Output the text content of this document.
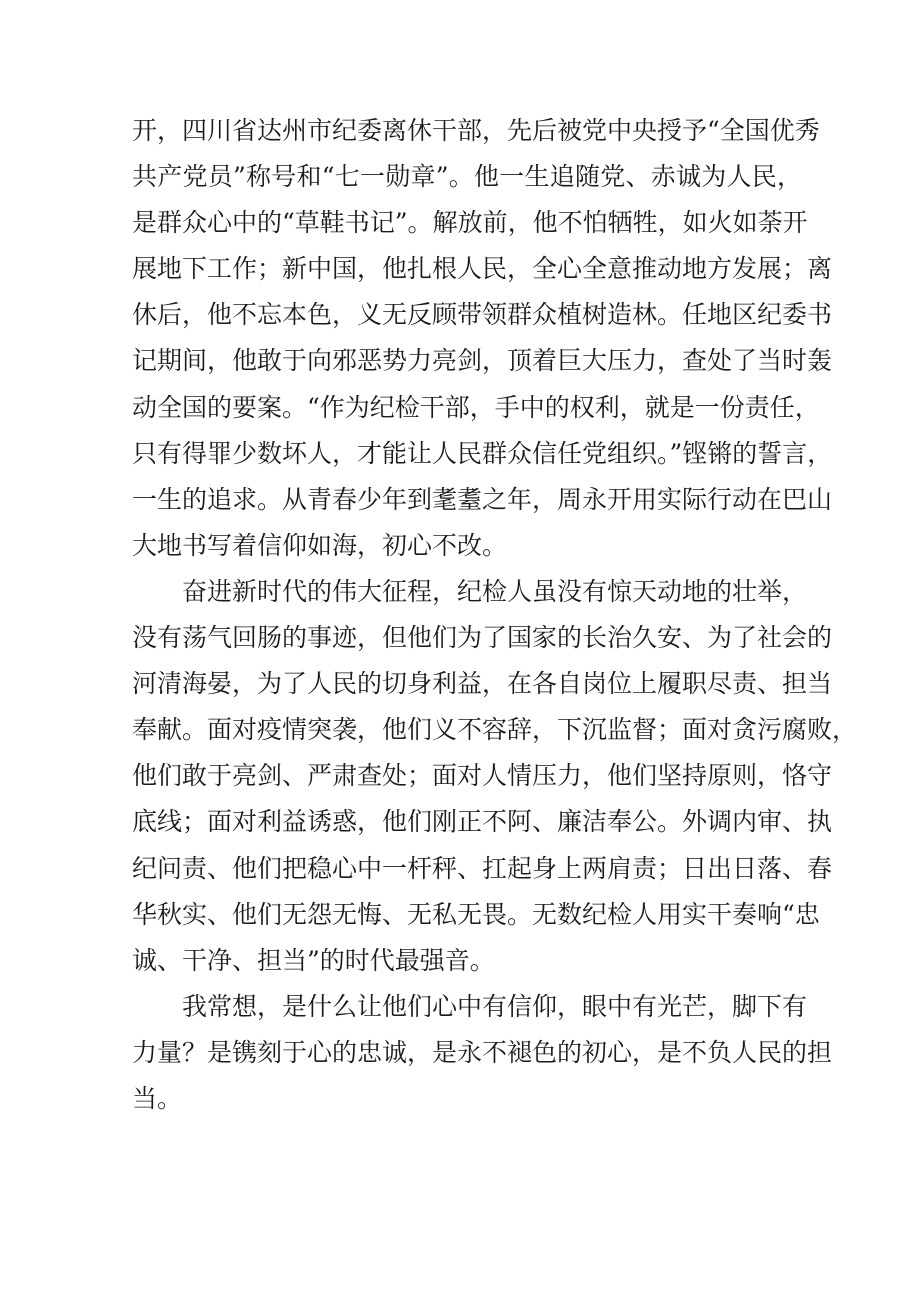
开，四川省达州市纪委离休干部，先后被党中央授予“全国优秀
共产党员”称号和“七一勋章”。他一生追随党、赤诚为人民，
是群众心中的“草鞋书记”。解放前，他不怕牺牲，如火如荼开
展地下工作；新中国，他扎根人民，全心全意推动地方发展；离
休后，他不忘本色，义无反顾带领群众植树造林。任地区纪委书
记期间，他敢于向邪恶势力亮剑，顶着巨大压力，查处了当时轰
动全国的要案。“作为纪检干部，手中的权利，就是一份责任，
只有得罪少数坏人，才能让人民群众信任党组织。”铿锵的誓言，
一生的追求。从青春少年到耄耋之年，周永开用实际行动在巴山
大地书写着信仰如海，初心不改。
奋进新时代的伟大征程，纪检人虽没有惊天动地的壮举，
没有荡气回肠的事迹，但他们为了国家的长治久安、为了社会的
河清海晏，为了人民的切身利益，在各自岗位上履职尽责、担当
奉献。面对疫情突袭，他们义不容辞，下沉监督；面对贪污腐败，
他们敢于亮剑、严肃查处；面对人情压力，他们坚持原则，恪守
底线；面对利益诱惑，他们刚正不阿、廉洁奉公。外调内审、执
纪问责、他们把稳心中一杆秤、扛起身上两肩责；日出日落、春
华秋实、他们无怨无悔、无私无畏。无数纪检人用实干奏响“忠
诚、干净、担当”的时代最强音。
我常想，是什么让他们心中有信仰，眼中有光芒，脚下有
力量？是镌刻于心的忠诚，是永不褪色的初心，是不负人民的担
当。
